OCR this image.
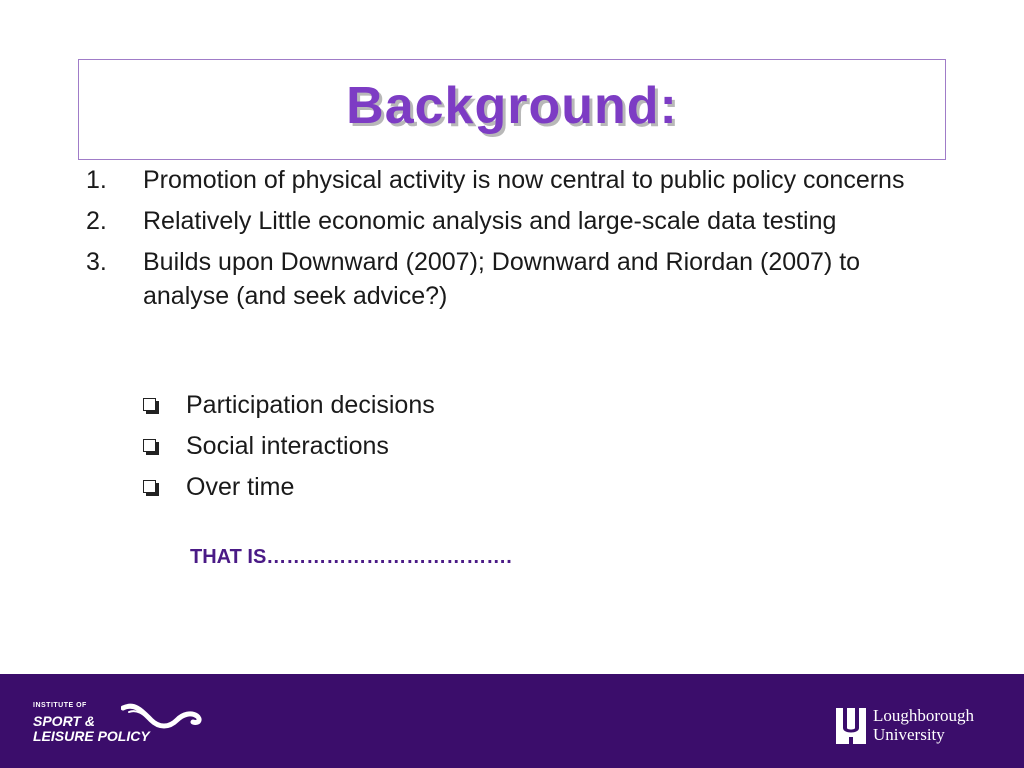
Background:
1. Promotion of physical activity is now central to public policy concerns
2. Relatively Little economic analysis and large-scale data testing
3. Builds upon Downward (2007); Downward and Riordan (2007) to analyse (and seek advice?)
Participation decisions
Social interactions
Over time
THAT IS……………………………….
INSTITUTE OF
SPORT &
LEISURE POLICY
Loughborough
University
